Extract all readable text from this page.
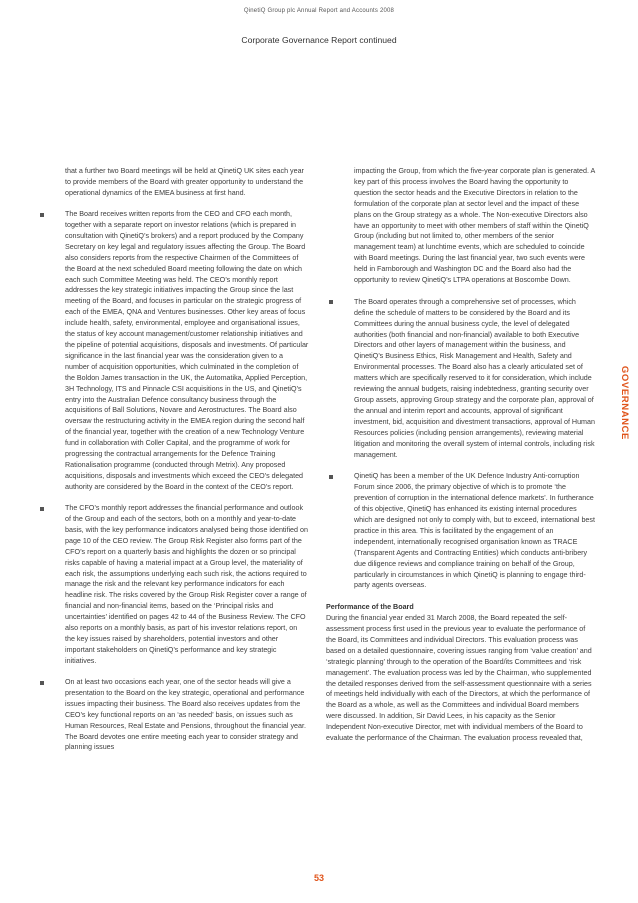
QinetiQ Group plc Annual Report and Accounts 2008
Corporate Governance Report continued
GOVERNANCE

that a further two Board meetings will be held at QinetiQ UK sites each year to provide members of the Board with greater opportunity to understand the operational dynamics of the EMEA business at first hand.

The Board receives written reports from the CEO and CFO each month, together with a separate report on investor relations (which is prepared in consultation with QinetiQ’s brokers) and a report produced by the Company Secretary on key legal and regulatory issues affecting the Group. The Board also considers reports from the respective Chairmen of the Committees of the Board at the next scheduled Board meeting following the date on which each such Committee Meeting was held. The CEO’s monthly report addresses the key strategic initiatives impacting the Group since the last meeting of the Board, and focuses in particular on the strategic progress of each of the EMEA, QNA and Ventures businesses. Other key areas of focus include health, safety, environmental, employee and organisational issues, the status of key account management/customer relationship initiatives and the pipeline of potential acquisitions, disposals and investments. Of particular significance in the last financial year was the consideration given to a number of acquisition opportunities, which culminated in the completion of the Boldon James transaction in the UK, the Automatika, Applied Perception, 3H Technology, ITS and Pinnacle CSI acquisitions in the US, and QinetiQ’s entry into the Australian Defence consultancy business through the acquisitions of Ball Solutions, Novare and Aerostructures. The Board also oversaw the restructuring activity in the EMEA region during the second half of the financial year, together with the creation of a new Technology Venture fund in collaboration with Coller Capital, and the programme of work for progressing the contractual arrangements for the Defence Training Rationalisation programme (conducted through Metrix). Any proposed acquisitions, disposals and investments which exceed the CEO’s delegated authority are considered by the Board in the context of the CEO’s report.

The CFO’s monthly report addresses the financial performance and outlook of the Group and each of the sectors, both on a monthly and year-to-date basis, with the key performance indicators analysed being those identified on page 10 of the CEO review. The Group Risk Register also forms part of the CFO’s report on a quarterly basis and highlights the dozen or so principal risks capable of having a material impact at a Group level, the materiality of each risk, the assumptions underlying each such risk, the actions required to manage the risk and the relevant key performance indicators for each headline risk. The risks covered by the Group Risk Register cover a range of financial and non-financial items, based on the ‘Principal risks and uncertainties’ identified on pages 42 to 44 of the Business Review. The CFO also reports on a monthly basis, as part of his investor relations report, on the key issues raised by shareholders, potential investors and other important stakeholders on QinetiQ’s performance and key strategic initiatives.

On at least two occasions each year, one of the sector heads will give a presentation to the Board on the key strategic, operational and performance issues impacting their business. The Board also receives updates from the CEO’s key functional reports on an ‘as needed’ basis, on issues such as Human Resources, Real Estate and Pensions, throughout the financial year. The Board devotes one entire meeting each year to consider strategy and planning issues

impacting the Group, from which the five-year corporate plan is generated. A key part of this process involves the Board having the opportunity to question the sector heads and the Executive Directors in relation to the formulation of the corporate plan at sector level and the impact of these plans on the Group strategy as a whole. The Non-executive Directors also have an opportunity to meet with other members of staff within the QinetiQ Group (including but not limited to, other members of the senior management team) at lunchtime events, which are scheduled to coincide with Board meetings. During the last financial year, two such events were held in Farnborough and Washington DC and the Board also had the opportunity to review QinetiQ’s LTPA operations at Boscombe Down.

The Board operates through a comprehensive set of processes, which define the schedule of matters to be considered by the Board and its Committees during the annual business cycle, the level of delegated authorities (both financial and non-financial) available to both Executive Directors and other layers of management within the business, and QinetiQ’s Business Ethics, Risk Management and Health, Safety and Environmental processes. The Board also has a clearly articulated set of matters which are specifically reserved to it for consideration, which include reviewing the annual budgets, raising indebtedness, granting security over Group assets, approving Group strategy and the corporate plan, approval of the annual and interim report and accounts, approval of significant investment, bid, acquisition and divestment transactions, approval of Human Resources policies (including pension arrangements), reviewing material litigation and monitoring the overall system of internal controls, including risk management.

QinetiQ has been a member of the UK Defence Industry Anti-corruption Forum since 2006, the primary objective of which is to promote ‘the prevention of corruption in the international defence markets’. In furtherance of this objective, QinetiQ has enhanced its existing internal procedures which are designed not only to comply with, but to exceed, international best practice in this area. This is facilitated by the engagement of an independent, internationally recognised organisation known as TRACE (Transparent Agents and Contracting Entities) which conducts anti-bribery due diligence reviews and compliance training on behalf of the Group, particularly in circumstances in which QinetiQ is planning to engage third-party agents overseas.

Performance of the Board

During the financial year ended 31 March 2008, the Board repeated the self-assessment process first used in the previous year to evaluate the performance of the Board, its Committees and individual Directors. This evaluation process was based on a detailed questionnaire, covering issues ranging from ‘value creation’ and ‘strategic planning’ through to the operation of the Board/its Committees and ‘risk management’. The evaluation process was led by the Chairman, who supplemented the detailed responses derived from the self-assessment questionnaire with a series of meetings held individually with each of the Directors, at which the performance of the Board as a whole, as well as the Committees and individual Board members were discussed. In addition, Sir David Lees, in his capacity as the Senior Independent Non-executive Director, met with individual members of the Board to evaluate the performance of the Chairman. The evaluation process revealed that,

53
